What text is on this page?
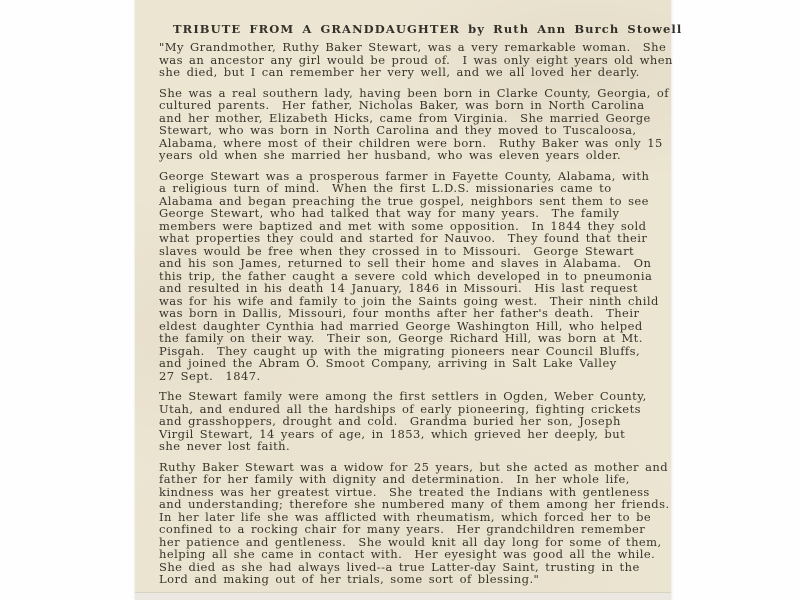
TRIBUTE FROM A GRANDDAUGHTER by Ruth Ann Burch Stowell
"My Grandmother, Ruthy Baker Stewart, was a very remarkable woman.  She
was an ancestor any girl would be proud of.  I was only eight years old when
she died, but I can remember her very well, and we all loved her dearly.
She was a real southern lady, having been born in Clarke County, Georgia, of
cultured parents.  Her father, Nicholas Baker, was born in North Carolina
and her mother, Elizabeth Hicks, came from Virginia.  She married George
Stewart, who was born in North Carolina and they moved to Tuscaloosa,
Alabama, where most of their children were born.  Ruthy Baker was only 15
years old when she married her husband, who was eleven years older.
George Stewart was a prosperous farmer in Fayette County, Alabama, with
a religious turn of mind.  When the first L.D.S. missionaries came to
Alabama and began preaching the true gospel, neighbors sent them to see
George Stewart, who had talked that way for many years.  The family
members were baptized and met with some opposition.  In 1844 they sold
what properties they could and started for Nauvoo.  They found that their
slaves would be free when they crossed in to Missouri.  George Stewart
and his son James, returned to sell their home and slaves in Alabama.  On
this trip, the father caught a severe cold which developed in to pneumonia
and resulted in his death 14 January, 1846 in Missouri.  His last request
was for his wife and family to join the Saints going west.  Their ninth child
was born in Dallis, Missouri, four months after her father's death.  Their
eldest daughter Cynthia had married George Washington Hill, who helped
the family on their way.  Their son, George Richard Hill, was born at Mt.
Pisgah.  They caught up with the migrating pioneers near Council Bluffs,
and joined the Abram O. Smoot Company, arriving in Salt Lake Valley
27 Sept.  1847.
The Stewart family were among the first settlers in Ogden, Weber County,
Utah, and endured all the hardships of early pioneering, fighting crickets
and grasshoppers, drought and cold.  Grandma buried her son, Joseph
Virgil Stewart, 14 years of age, in 1853, which grieved her deeply, but
she never lost faith.
Ruthy Baker Stewart was a widow for 25 years, but she acted as mother and
father for her family with dignity and determination.  In her whole life,
kindness was her greatest virtue.  She treated the Indians with gentleness
and understanding; therefore she numbered many of them among her friends.
In her later life she was afflicted with rheumatism, which forced her to be
confined to a rocking chair for many years.  Her grandchildren remember
her patience and gentleness.  She would knit all day long for some of them,
helping all she came in contact with.  Her eyesight was good all the while.
She died as she had always lived--a true Latter-day Saint, trusting in the
Lord and making out of her trials, some sort of blessing."
